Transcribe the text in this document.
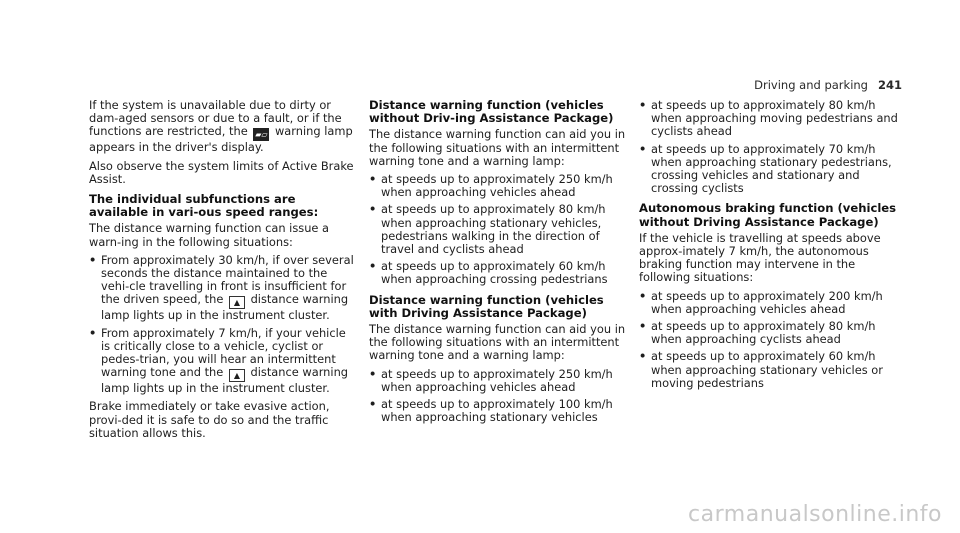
Driving and parking 241

If the system is unavailable due to dirty or dam-aged sensors or due to a fault, or if the functions are restricted, the ▰▱ warning lamp appears in the driver's display.

Also observe the system limits of Active Brake Assist.

The individual subfunctions are available in vari-ous speed ranges:

The distance warning function can issue a warn-ing in the following situations:

• From approximately 30 km/h, if over several seconds the distance maintained to the vehi-cle travelling in front is insufficient for the driven speed, the ▲ distance warning lamp lights up in the instrument cluster.
• From approximately 7 km/h, if your vehicle is critically close to a vehicle, cyclist or pedes-trian, you will hear an intermittent warning tone and the ▲ distance warning lamp lights up in the instrument cluster.

Brake immediately or take evasive action, provi-ded it is safe to do so and the traffic situation allows this.

Distance warning function (vehicles without Driv-ing Assistance Package)

The distance warning function can aid you in the following situations with an intermittent warning tone and a warning lamp:

• at speeds up to approximately 250 km/h when approaching vehicles ahead
• at speeds up to approximately 80 km/h when approaching stationary vehicles, pedestrians walking in the direction of travel and cyclists ahead
• at speeds up to approximately 60 km/h when approaching crossing pedestrians
Distance warning function (vehicles with Driving Assistance Package)

The distance warning function can aid you in the following situations with an intermittent warning tone and a warning lamp:

• at speeds up to approximately 250 km/h when approaching vehicles ahead
• at speeds up to approximately 100 km/h when approaching stationary vehicles
• at speeds up to approximately 80 km/h when approaching moving pedestrians and cyclists ahead
• at speeds up to approximately 70 km/h when approaching stationary pedestrians, crossing vehicles and stationary and crossing cyclists
Autonomous braking function (vehicles without Driving Assistance Package)

If the vehicle is travelling at speeds above approx-imately 7 km/h, the autonomous braking function may intervene in the following situations:

• at speeds up to approximately 200 km/h when approaching vehicles ahead
• at speeds up to approximately 80 km/h when approaching cyclists ahead
• at speeds up to approximately 60 km/h when approaching stationary vehicles or moving pedestrians
carmanualsonline.info
